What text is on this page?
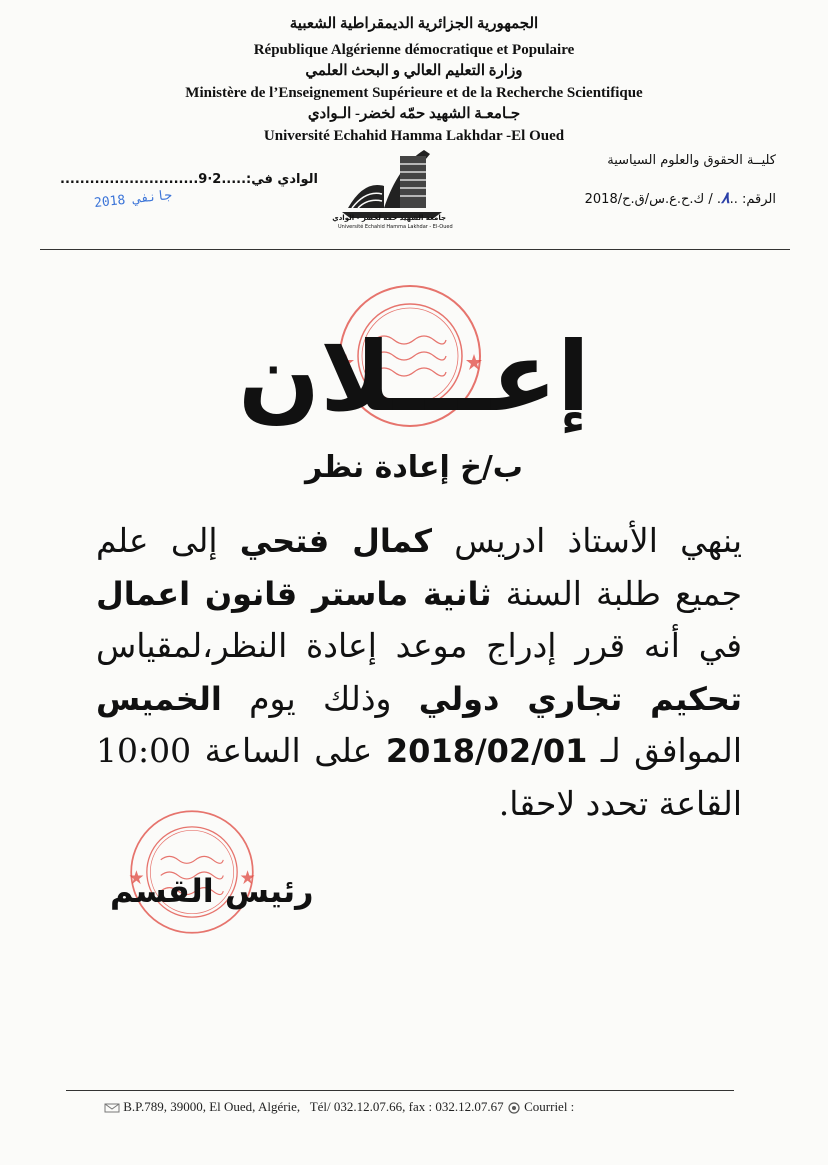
الجمهورية الجزائرية الديمقراطية الشعبية
République Algérienne démocratique et Populaire
وزارة التعليم العالي و البحث العلمي
Ministère de l’Enseignement Supérieure et de la Recherche Scientifique
جـامعـة الشهيد حمّه لخضر- الـوادي
Université Echahid Hamma Lakhdar -El Oued
كليــة الحقوق والعلوم السياسية
الرقم: ..٨. / ك.ح.ع.س/ق.ح/2018
الوادي في:.....2·9............................
2018 جانفي
جامعة الشهيد حمه لخضر - الوادي
Université Echahid Hamma Lakhdar - El-Oued
إعـــلان
ب/خ إعادة نظر
ينهي الأستاذ ادريس كمال فتحي إلى علم جميع طلبة السنة ثانية ماستر قانون اعمال في أنه قرر إدراج موعد إعادة النظر،لمقياس تحكيم تجاري دولي وذلك يوم الخميس الموافق لـ 2018/02/01 على الساعة 10:00 القاعة تحدد لاحقا.
رئيس القسم
B.P.789, 39000, El Oued, Algérie, Tél/ 032.12.07.66, fax : 032.12.07.67 Courriel :
